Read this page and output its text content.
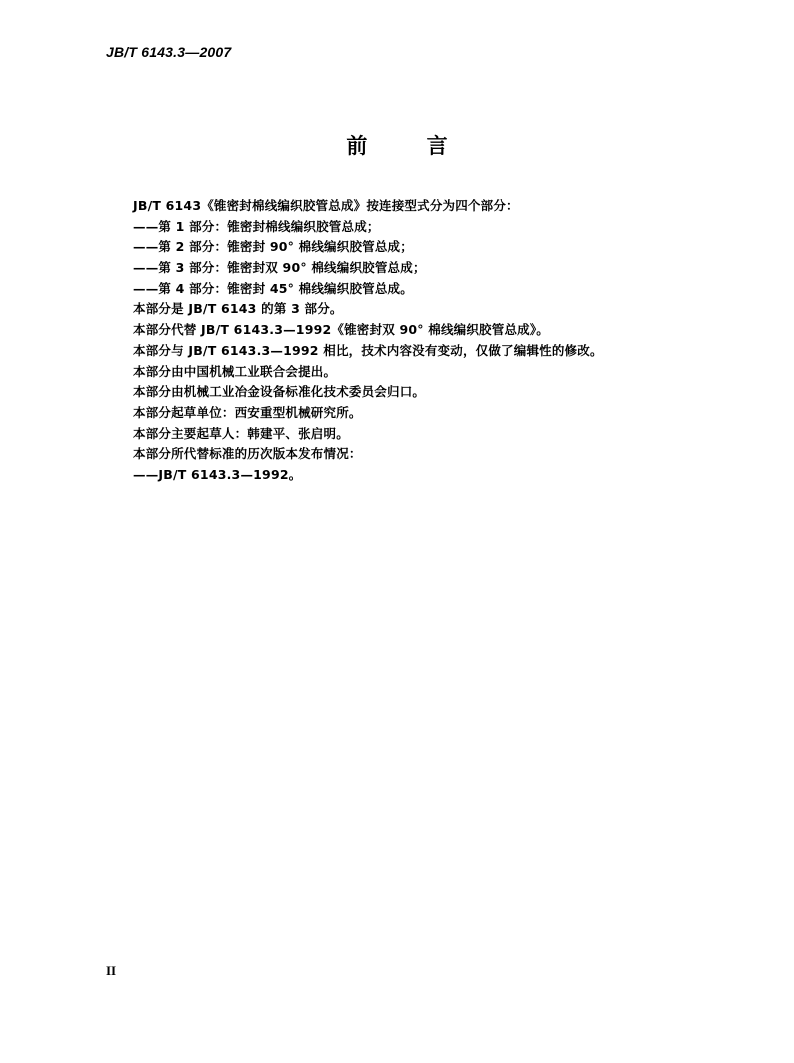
JB/T 6143.3—2007
前 言
JB/T 6143《锥密封棉线编织胶管总成》按连接型式分为四个部分：
——第 1 部分：锥密封棉线编织胶管总成；
——第 2 部分：锥密封 90° 棉线编织胶管总成；
——第 3 部分：锥密封双 90° 棉线编织胶管总成；
——第 4 部分：锥密封 45° 棉线编织胶管总成。
本部分是 JB/T 6143 的第 3 部分。
本部分代替 JB/T 6143.3—1992《锥密封双 90° 棉线编织胶管总成》。
本部分与 JB/T 6143.3—1992 相比，技术内容没有变动，仅做了编辑性的修改。
本部分由中国机械工业联合会提出。
本部分由机械工业冶金设备标准化技术委员会归口。
本部分起草单位：西安重型机械研究所。
本部分主要起草人：韩建平、张启明。
本部分所代替标准的历次版本发布情况：
——JB/T 6143.3—1992。
II
